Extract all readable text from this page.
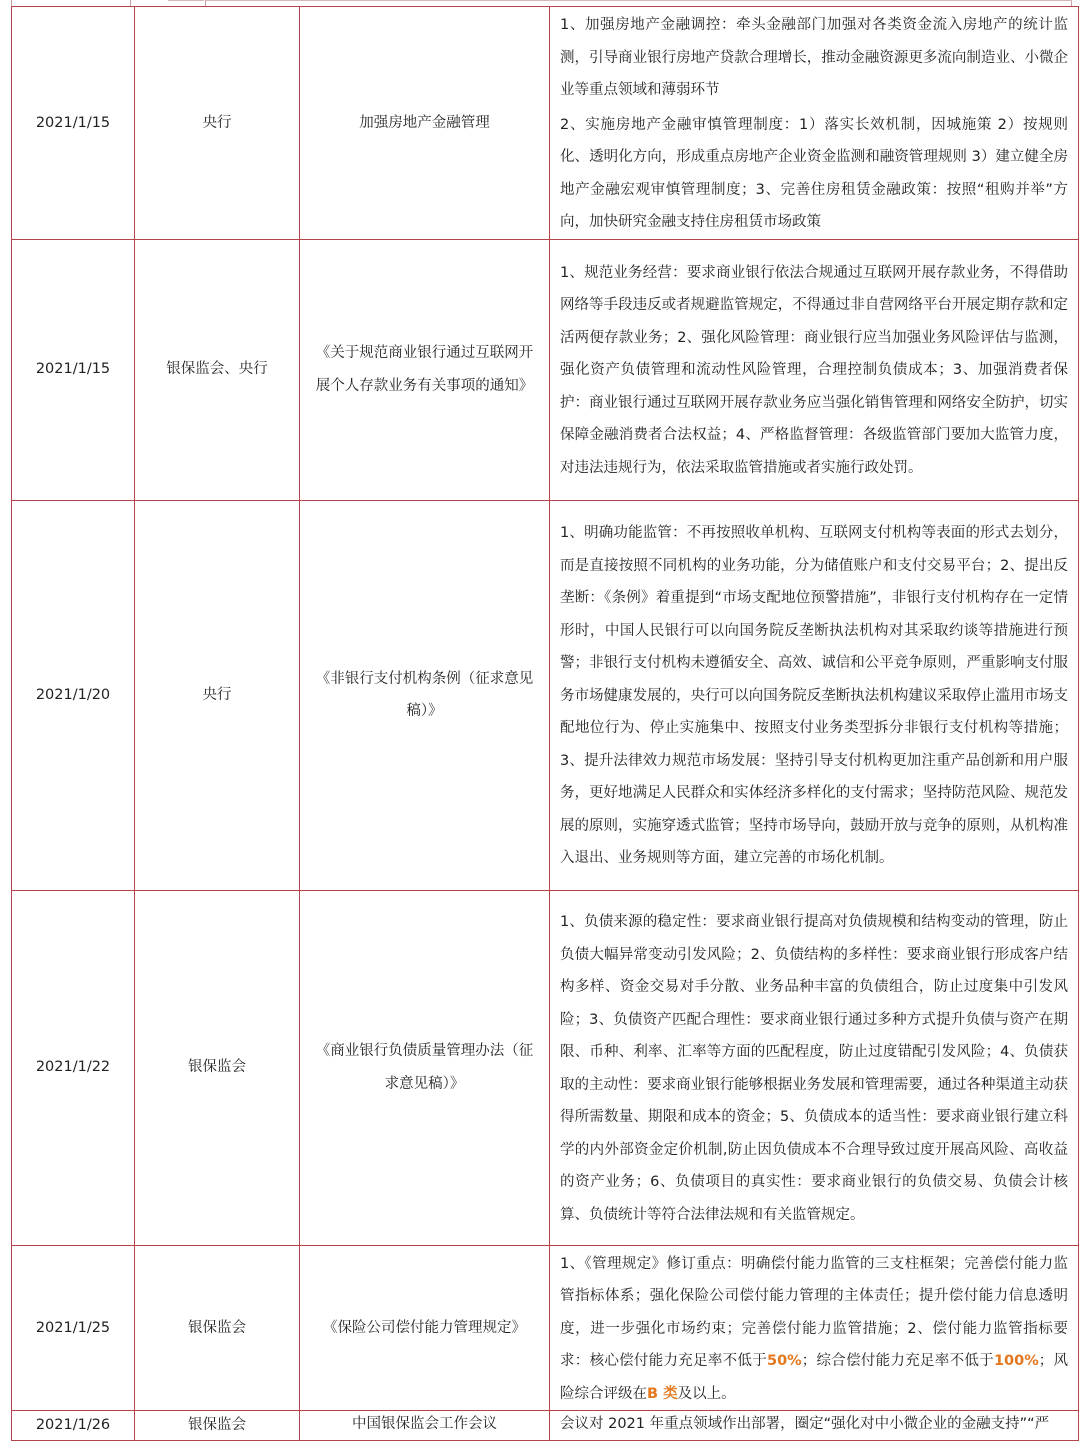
2021/1/15	央行	加强房地产金融管理	1、加强房地产金融调控：牵头金融部门加强对各类资金流入房地产的统计监测，引导商业银行房地产贷款合理增长，推动金融资源更多流向制造业、小微企业等重点领域和薄弱环节
2、实施房地产金融审慎管理制度：1）落实长效机制，因城施策 2）按规则化、透明化方向，形成重点房地产企业资金监测和融资管理规则 3）建立健全房地产金融宏观审慎管理制度；3、完善住房租赁金融政策：按照“租购并举”方向，加快研究金融支持住房租赁市场政策

2021/1/15	银保监会、央行	《关于规范商业银行通过互联网开展个人存款业务有关事项的通知》	1、规范业务经营：要求商业银行依法合规通过互联网开展存款业务，不得借助网络等手段违反或者规避监管规定，不得通过非自营网络平台开展定期存款和定活两便存款业务；2、强化风险管理：商业银行应当加强业务风险评估与监测，强化资产负债管理和流动性风险管理，合理控制负债成本；3、加强消费者保护：商业银行通过互联网开展存款业务应当强化销售管理和网络安全防护，切实保障金融消费者合法权益；4、严格监督管理：各级监管部门要加大监管力度，对违法违规行为，依法采取监管措施或者实施行政处罚。

2021/1/20	央行	《非银行支付机构条例（征求意见稿）》	1、明确功能监管：不再按照收单机构、互联网支付机构等表面的形式去划分，而是直接按照不同机构的业务功能，分为储值账户和支付交易平台；2、提出反垄断：《条例》着重提到“市场支配地位预警措施”，非银行支付机构存在一定情形时，中国人民银行可以向国务院反垄断执法机构对其采取约谈等措施进行预警；非银行支付机构未遵循安全、高效、诚信和公平竞争原则，严重影响支付服务市场健康发展的，央行可以向国务院反垄断执法机构建议采取停止滥用市场支配地位行为、停止实施集中、按照支付业务类型拆分非银行支付机构等措施；3、提升法律效力规范市场发展：坚持引导支付机构更加注重产品创新和用户服务，更好地满足人民群众和实体经济多样化的支付需求；坚持防范风险、规范发展的原则，实施穿透式监管；坚持市场导向，鼓励开放与竞争的原则，从机构准入退出、业务规则等方面，建立完善的市场化机制。

2021/1/22	银保监会	《商业银行负债质量管理办法（征求意见稿）》	1、负债来源的稳定性：要求商业银行提高对负债规模和结构变动的管理，防止负债大幅异常变动引发风险；2、负债结构的多样性：要求商业银行形成客户结构多样、资金交易对手分散、业务品种丰富的负债组合，防止过度集中引发风险；3、负债资产匹配合理性：要求商业银行通过多种方式提升负债与资产在期限、币种、利率、汇率等方面的匹配程度，防止过度错配引发风险；4、负债获取的主动性：要求商业银行能够根据业务发展和管理需要，通过各种渠道主动获得所需数量、期限和成本的资金；5、负债成本的适当性：要求商业银行建立科学的内外部资金定价机制,防止因负债成本不合理导致过度开展高风险、高收益的资产业务；6、负债项目的真实性：要求商业银行的负债交易、负债会计核算、负债统计等符合法律法规和有关监管规定。

2021/1/25	银保监会	《保险公司偿付能力管理规定》	1、《管理规定》修订重点：明确偿付能力监管的三支柱框架；完善偿付能力监管指标体系；强化保险公司偿付能力管理的主体责任；提升偿付能力信息透明度，进一步强化市场约束；完善偿付能力监管措施；2、偿付能力监管指标要求：核心偿付能力充足率不低于50%；综合偿付能力充足率不低于100%；风险综合评级在B 类及以上。

2021/1/26	银保监会	中国银保监会工作会议	会议对 2021 年重点领域作出部署，圈定“强化对中小微企业的金融支持”“严
